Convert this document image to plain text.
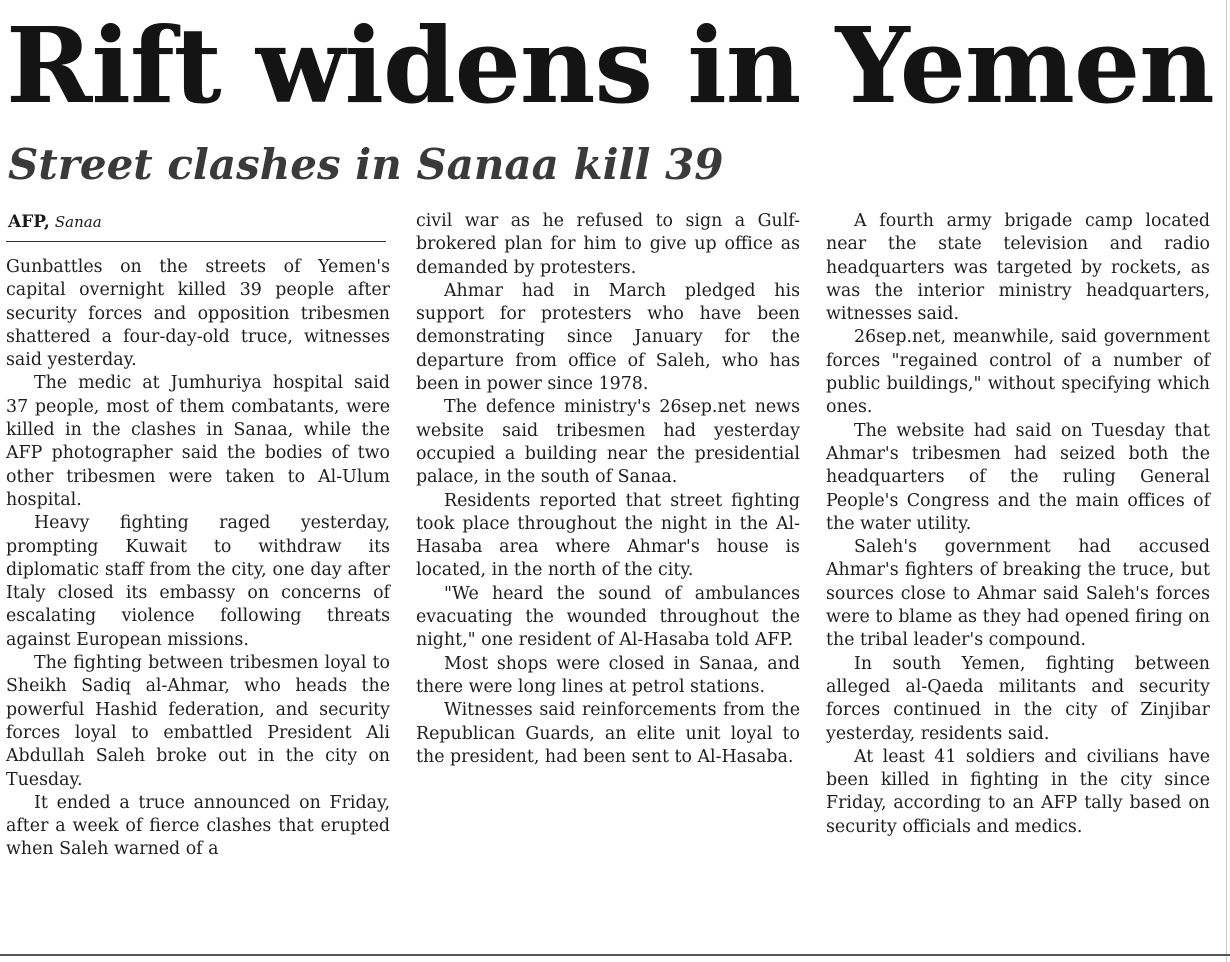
Rift widens in Yemen
Street clashes in Sanaa kill 39
AFP, Sanaa

Gunbattles on the streets of Yemen's capital overnight killed 39 people after security forces and opposition tribesmen shattered a four-day-old truce, witnesses said yesterday.

The medic at Jumhuriya hospital said 37 people, most of them combatants, were killed in the clashes in Sanaa, while the AFP photographer said the bodies of two other tribesmen were taken to Al-Ulum hospital.

Heavy fighting raged yesterday, prompting Kuwait to withdraw its diplomatic staff from the city, one day after Italy closed its embassy on concerns of escalating violence following threats against European missions.

The fighting between tribesmen loyal to Sheikh Sadiq al-Ahmar, who heads the powerful Hashid federation, and security forces loyal to embattled President Ali Abdullah Saleh broke out in the city on Tuesday.

It ended a truce announced on Friday, after a week of fierce clashes that erupted when Saleh warned of a

civil war as he refused to sign a Gulf-brokered plan for him to give up office as demanded by protesters.

Ahmar had in March pledged his support for protesters who have been demonstrating since January for the departure from office of Saleh, who has been in power since 1978.

The defence ministry's 26sep.net news website said tribesmen had yesterday occupied a building near the presidential palace, in the south of Sanaa.

Residents reported that street fighting took place throughout the night in the Al-Hasaba area where Ahmar's house is located, in the north of the city.

"We heard the sound of ambulances evacuating the wounded throughout the night," one resident of Al-Hasaba told AFP.

Most shops were closed in Sanaa, and there were long lines at petrol stations.

Witnesses said reinforcements from the Republican Guards, an elite unit loyal to the president, had been sent to Al-Hasaba.

A fourth army brigade camp located near the state television and radio headquarters was targeted by rockets, as was the interior ministry headquarters, witnesses said.

26sep.net, meanwhile, said government forces "regained control of a number of public buildings," without specifying which ones.

The website had said on Tuesday that Ahmar's tribesmen had seized both the headquarters of the ruling General People's Congress and the main offices of the water utility.

Saleh's government had accused Ahmar's fighters of breaking the truce, but sources close to Ahmar said Saleh's forces were to blame as they had opened firing on the tribal leader's compound.

In south Yemen, fighting between alleged al-Qaeda militants and security forces continued in the city of Zinjibar yesterday, residents said.

At least 41 soldiers and civilians have been killed in fighting in the city since Friday, according to an AFP tally based on security officials and medics.
